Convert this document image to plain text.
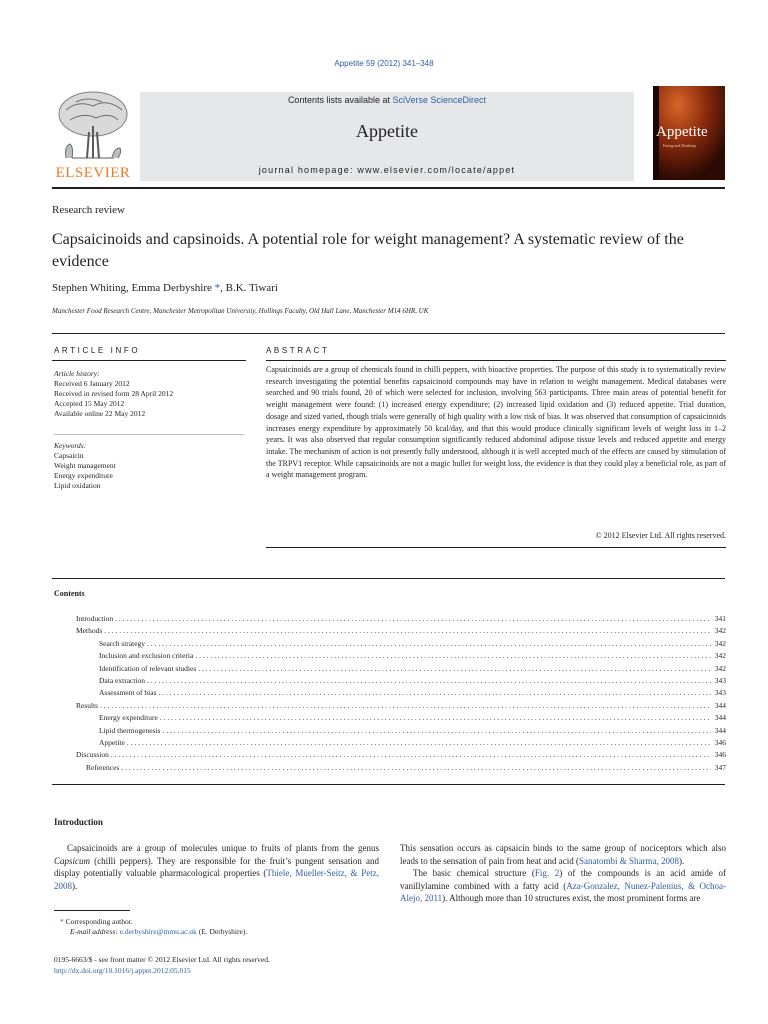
Appetite 59 (2012) 341–348
ELSEVIER
Contents lists available at SciVerse ScienceDirect
Appetite
journal homepage: www.elsevier.com/locate/appet
Appetite
Eating and Drinking
Research review
Capsaicinoids and capsinoids. A potential role for weight management? A systematic review of the evidence
Stephen Whiting, Emma Derbyshire *, B.K. Tiwari
Manchester Food Research Centre, Manchester Metropolitan University, Hollings Faculty, Old Hall Lane, Manchester M14 6HR, UK
ARTICLE INFO	ABSTRACT
Article history:
Received 6 January 2012
Received in revised form 28 April 2012
Accepted 15 May 2012
Available online 22 May 2012
Keywords:
Capsaicin
Weight management
Energy expenditure
Lipid oxidation
Capsaicinoids are a group of chemicals found in chilli peppers, with bioactive properties. The purpose of this study is to systematically review research investigating the potential benefits capsaicinoid compounds may have in relation to weight management. Medical databases were searched and 90 trials found, 20 of which were selected for inclusion, involving 563 participants. Three main areas of potential benefit for weight management were found: (1) increased energy expenditure; (2) increased lipid oxidation and (3) reduced appetite. Trial duration, dosage and sized varied, though trials were generally of high quality with a low risk of bias. It was observed that consumption of capsaicinoids increases energy expenditure by approximately 50 kcal/day, and that this would produce clinically significant levels of weight loss in 1–2 years. It was also observed that regular consumption significantly reduced abdominal adipose tissue levels and reduced appetite and energy intake. The mechanism of action is not presently fully understood, although it is well accepted much of the effects are caused by stimulation of the TRPV1 receptor. While capsaicinoids are not a magic bullet for weight loss, the evidence is that they could play a beneficial role, as part of a weight management program.
© 2012 Elsevier Ltd. All rights reserved.
Contents
Introduction . . .	341
Methods . . .	342
Search strategy . . .	342
Inclusion and exclusion criteria . . .	342
Identification of relevant studies . . .	342
Data extraction . . .	343
Assessment of bias . . .	343
Results . . .	344
Energy expenditure . . .	344
Lipid thermogenesis . . .	344
Appetite . . .	346
Discussion . . .	346
References . . .	347
Introduction
Capsaicinoids are a group of molecules unique to fruits of plants from the genus Capsicum (chilli peppers). They are responsible for the fruit’s pungent sensation and display potentially valuable pharmacological properties (Thiele, Mueller-Seitz, & Petz, 2008).

This sensation occurs as capsaicin binds to the same group of nociceptors which also leads to the sensation of pain from heat and acid (Sanatombi & Sharma, 2008).

The basic chemical structure (Fig. 2) of the compounds is an acid amide of vanillylamine combined with a fatty acid (Aza-Gonzalez, Nunez-Palenius, & Ochoa-Alejo, 2011). Although more than 10 structures exist, the most prominent forms are

* Corresponding author.
E-mail address: e.derbyshire@mmu.ac.uk (E. Derbyshire).
0195-6663/$ - see front matter © 2012 Elsevier Ltd. All rights reserved.
http://dx.doi.org/10.1016/j.appet.2012.05.015
